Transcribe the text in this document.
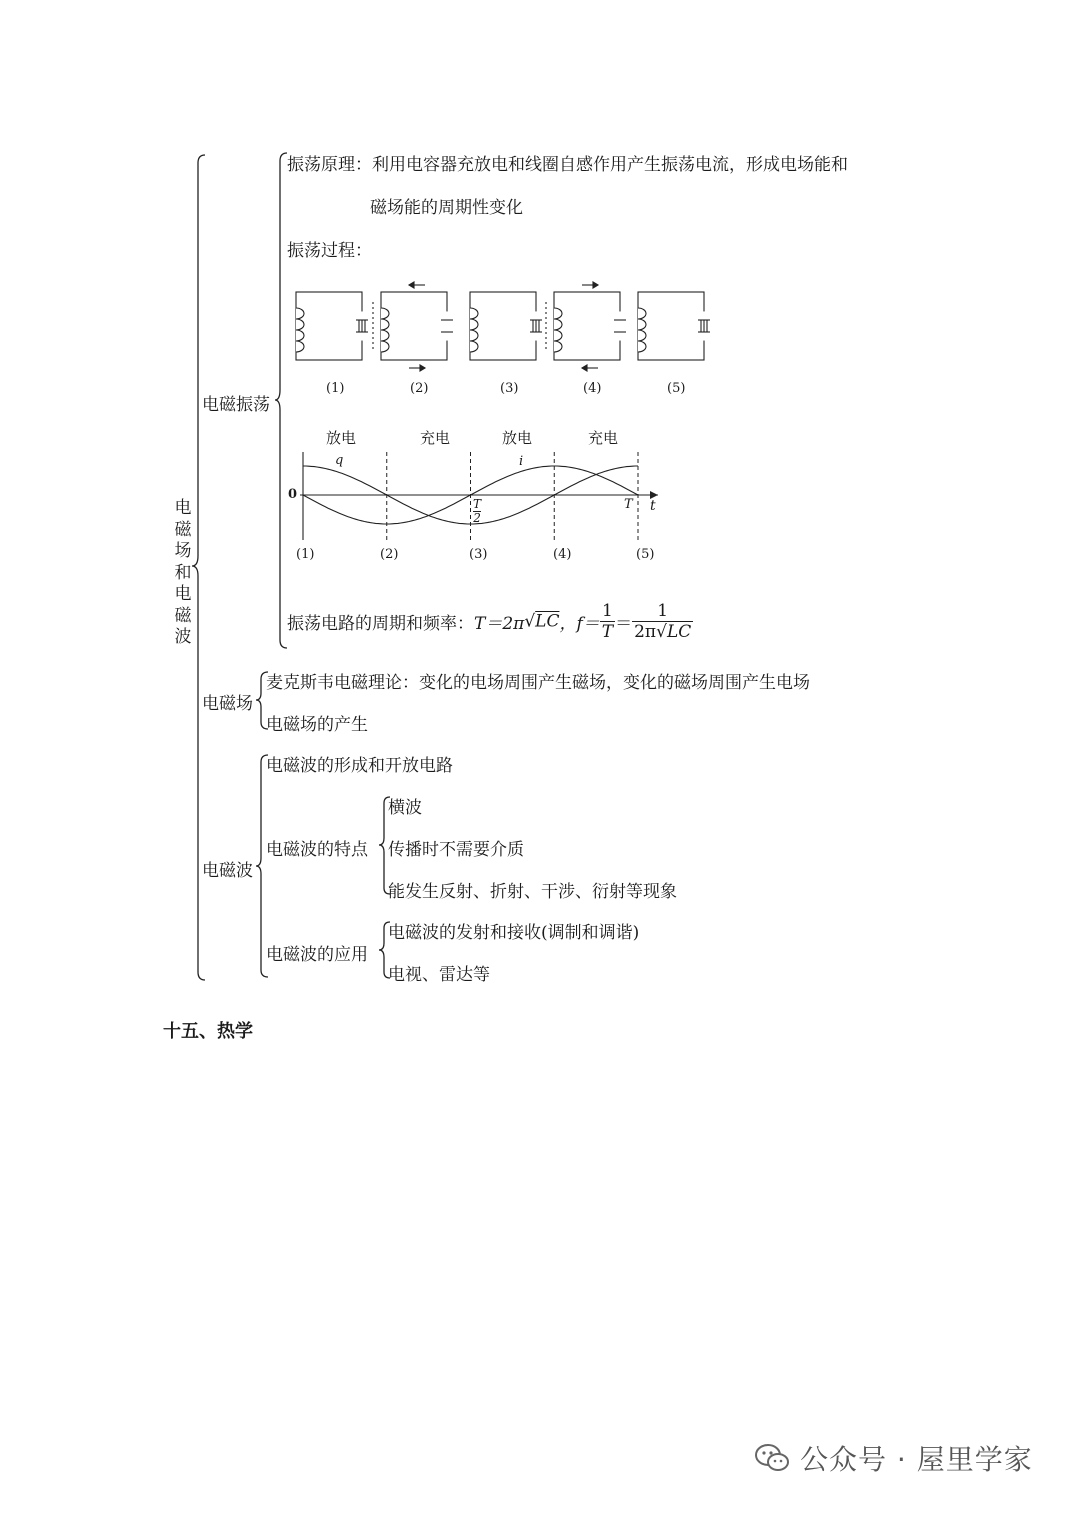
电磁场和电磁波
电磁振荡
振荡原理：利用电容器充放电和线圈自感作用产生振荡电流，形成电场能和
磁场能的周期性变化
振荡过程：
(1)	(2)	(3)	(4)	(5)
放电	充电	放电	充电
0
q	i
t
T
T
2
(1)	(2)	(3)	(4)	(5)
振荡电路的周期和频率：T＝2π√LC，$f= \frac{1}{T} = \frac{1}{2\pi√LC}$
电磁场
麦克斯韦电磁理论：变化的电场周围产生磁场，变化的磁场周围产生电场
电磁场的产生
电磁波
电磁波的形成和开放电路
电磁波的特点
横波
传播时不需要介质
能发生反射、折射、干涉、衍射等现象
电磁波的应用
电磁波的发射和接收(调制和调谐)
电视、雷达等
十五、热学
公众号 · 屋里学家
